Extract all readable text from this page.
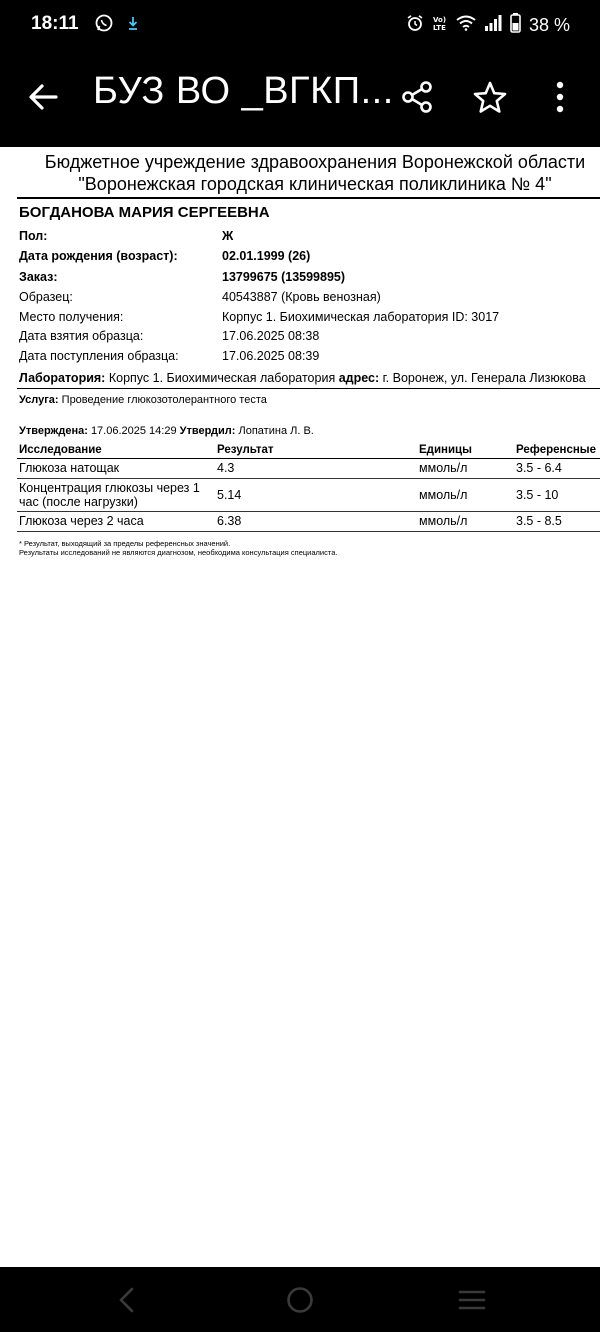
18:11	Vo)
LTE	38 %
БУЗ ВО _ВГКП...
Бюджетное учреждение здравоохранения Воронежской области
"Воронежская городская клиническая поликлиника № 4"
БОГДАНОВА МАРИЯ СЕРГЕЕВНА
Пол:	Ж
Дата рождения (возраст):	02.01.1999 (26)
Заказ:	13799675 (13599895)
Образец:	40543887 (Кровь венозная)
Место получения:	Корпус 1. Биохимическая лаборатория ID: 3017
Дата взятия образца:	17.06.2025 08:38
Дата поступления образца:	17.06.2025 08:39
Лаборатория: Корпус 1. Биохимическая лаборатория адрес: г. Воронеж, ул. Генерала Лизюкова
Услуга: Проведение глюкозотолерантного теста
Утверждена: 17.06.2025 14:29 Утвердил: Лопатина Л. В.
Исследование	Результат	Единицы	Референсные
Глюкоза натощак	4.3	ммоль/л	3.5 - 6.4
Концентрация глюкозы через 1 час (после нагрузки)	5.14	ммоль/л	3.5 - 10
Глюкоза через 2 часа	6.38	ммоль/л	3.5 - 8.5
* Результат, выходящий за пределы референсных значений.
Результаты исследований не являются диагнозом, необходима консультация специалиста.
